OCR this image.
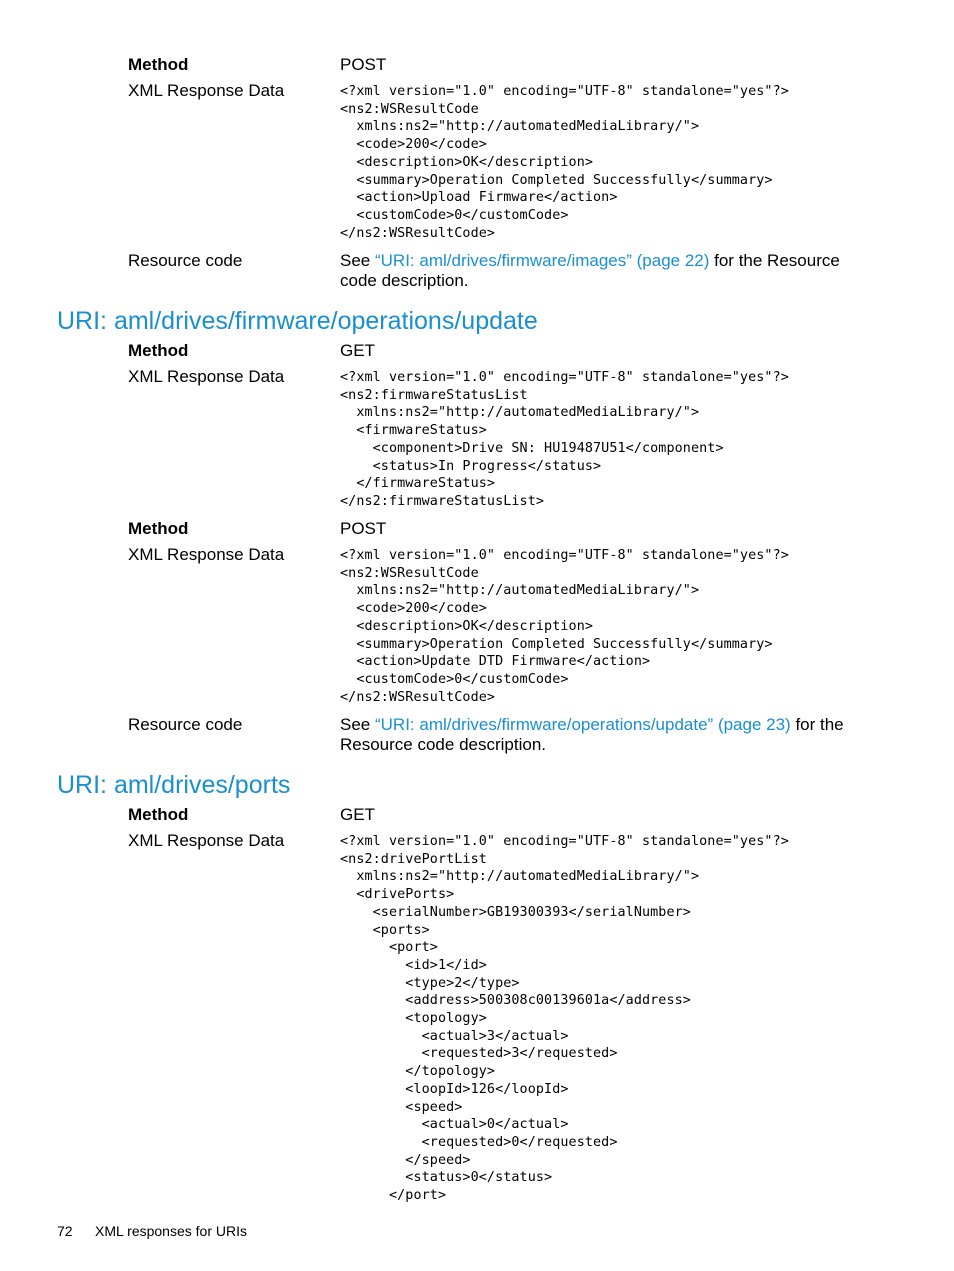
Method	POST
XML Response Data	<?xml version="1.0" encoding="UTF-8" standalone="yes"?>
<ns2:WSResultCode
xmlns:ns2="http://automatedMediaLibrary/">
<code>200</code>
<description>OK</description>
<summary>Operation Completed Successfully</summary>
<action>Upload Firmware</action>
<customCode>0</customCode>
</ns2:WSResultCode>
Resource code	See “URI: aml/drives/firmware/images” (page 22) for the Resource code description.
URI: aml/drives/firmware/operations/update
Method	GET
XML Response Data	<?xml version="1.0" encoding="UTF-8" standalone="yes"?>
<ns2:firmwareStatusList
xmlns:ns2="http://automatedMediaLibrary/">
<firmwareStatus>
<component>Drive SN: HU19487U51</component>
<status>In Progress</status>
</firmwareStatus>
</ns2:firmwareStatusList>
Method	POST
XML Response Data	<?xml version="1.0" encoding="UTF-8" standalone="yes"?>
<ns2:WSResultCode
xmlns:ns2="http://automatedMediaLibrary/">
<code>200</code>
<description>OK</description>
<summary>Operation Completed Successfully</summary>
<action>Update DTD Firmware</action>
<customCode>0</customCode>
</ns2:WSResultCode>
Resource code	See “URI: aml/drives/firmware/operations/update” (page 23) for the Resource code description.
URI: aml/drives/ports
Method	GET
XML Response Data	<?xml version="1.0" encoding="UTF-8" standalone="yes"?>
<ns2:drivePortList
xmlns:ns2="http://automatedMediaLibrary/">
<drivePorts>
<serialNumber>GB19300393</serialNumber>
<ports>
<port>
<id>1</id>
<type>2</type>
<address>500308c00139601a</address>
<topology>
<actual>3</actual>
<requested>3</requested>
</topology>
<loopId>126</loopId>
<speed>
<actual>0</actual>
<requested>0</requested>
</speed>
<status>0</status>
</port>
72 XML responses for URIs
